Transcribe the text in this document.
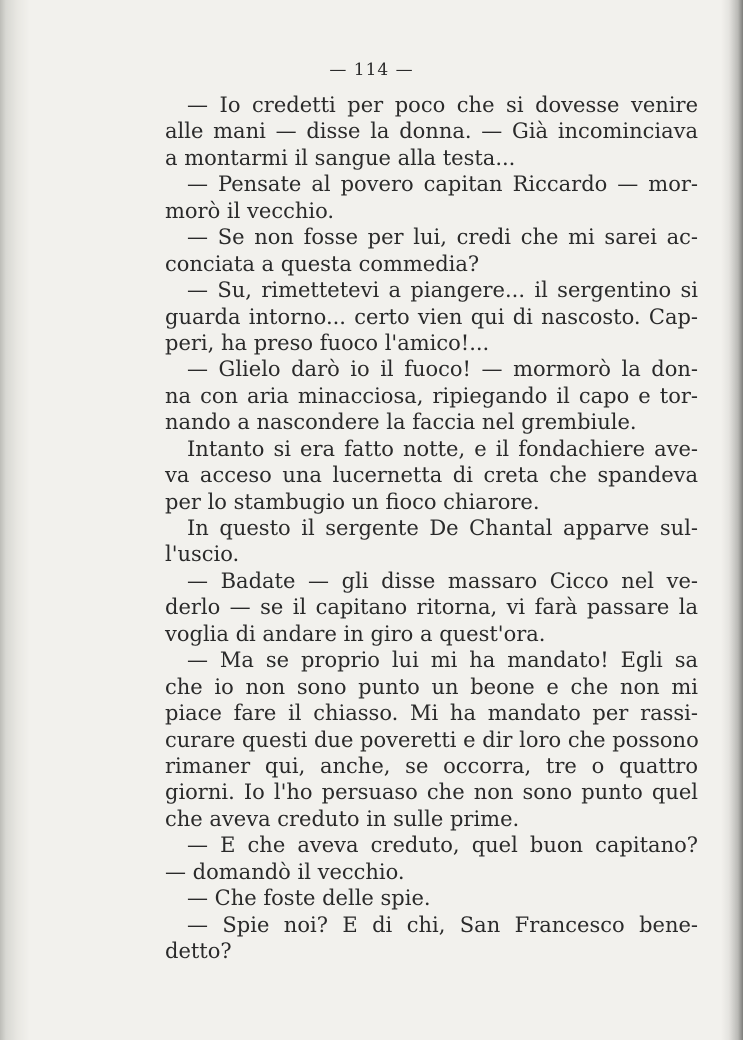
— 114 —
— Io credetti per poco che si dovesse venire
alle mani — disse la donna. — Già incominciava
a montarmi il sangue alla testa...
— Pensate al povero capitan Riccardo — mor-
morò il vecchio.
— Se non fosse per lui, credi che mi sarei ac-
conciata a questa commedia?
— Su, rimettetevi a piangere... il sergentino si
guarda intorno... certo vien qui di nascosto. Cap-
peri, ha preso fuoco l'amico!...
— Glielo darò io il fuoco! — mormorò la don-
na con aria minacciosa, ripiegando il capo e tor-
nando a nascondere la faccia nel grembiule.
Intanto si era fatto notte, e il fondachiere ave-
va acceso una lucernetta di creta che spandeva
per lo stambugio un fioco chiarore.
In questo il sergente De Chantal apparve sul-
l'uscio.
— Badate — gli disse massaro Cicco nel ve-
derlo — se il capitano ritorna, vi farà passare la
voglia di andare in giro a quest'ora.
— Ma se proprio lui mi ha mandato! Egli sa
che io non sono punto un beone e che non mi
piace fare il chiasso. Mi ha mandato per rassi-
curare questi due poveretti e dir loro che possono
rimaner qui, anche, se occorra, tre o quattro
giorni. Io l'ho persuaso che non sono punto quel
che aveva creduto in sulle prime.
— E che aveva creduto, quel buon capitano?
— domandò il vecchio.
— Che foste delle spie.
— Spie noi? E di chi, San Francesco bene-
detto?
